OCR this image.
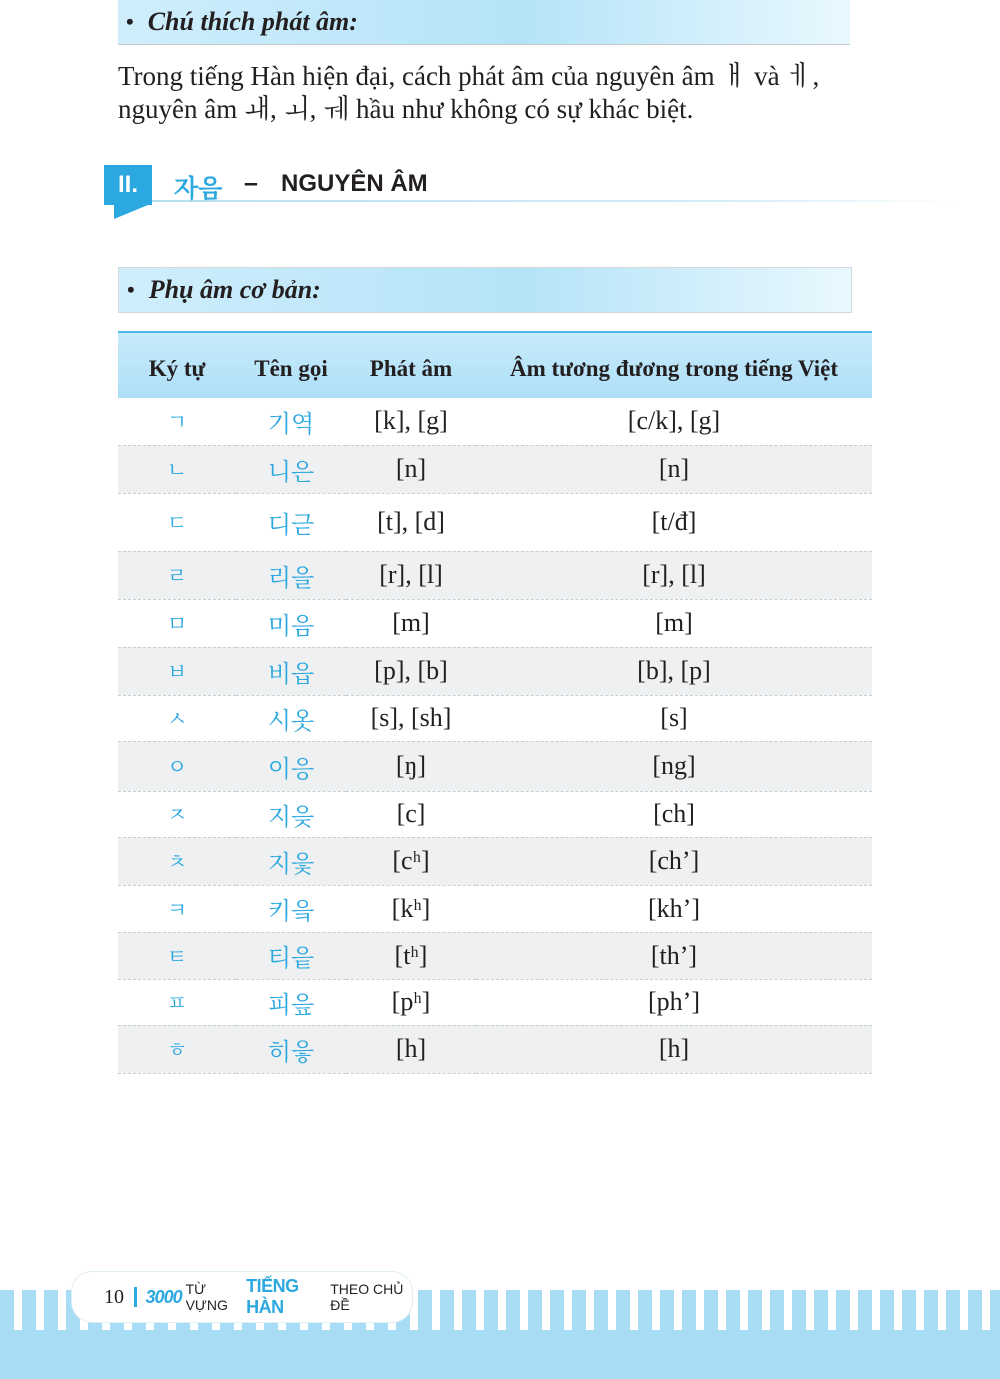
• Chú thích phát âm:
Trong tiếng Hàn hiện đại, cách phát âm của nguyên âm ㅐ và ㅔ, nguyên âm ㅙ, ㅚ, ㅞ hầu như không có sự khác biệt.
II.	자음 – NGUYÊN ÂM
• Phụ âm cơ bản:
Ký tự	Tên gọi	Phát âm	Âm tương đương trong tiếng Việt
ㄱ	기역	[k], [g]	[c/k], [g]
ㄴ	니은	[n]	[n]
ㄷ	디귿	[t], [d]	[t/đ]
ㄹ	리을	[r], [l]	[r], [l]
ㅁ	미음	[m]	[m]
ㅂ	비읍	[p], [b]	[b], [p]
ㅅ	시옷	[s], [sh]	[s]
ㅇ	이응	[ŋ]	[ng]
ㅈ	지읒	[c]	[ch]
ㅊ	지읓	[cʰ]	[ch’]
ㅋ	키읔	[kʰ]	[kh’]
ㅌ	티읕	[tʰ]	[th’]
ㅍ	피읖	[pʰ]	[ph’]
ㅎ	히읗	[h]	[h]
10 3000 TỪ VỰNG
TIẾNG HÀN
THEO CHỦ ĐỀ
